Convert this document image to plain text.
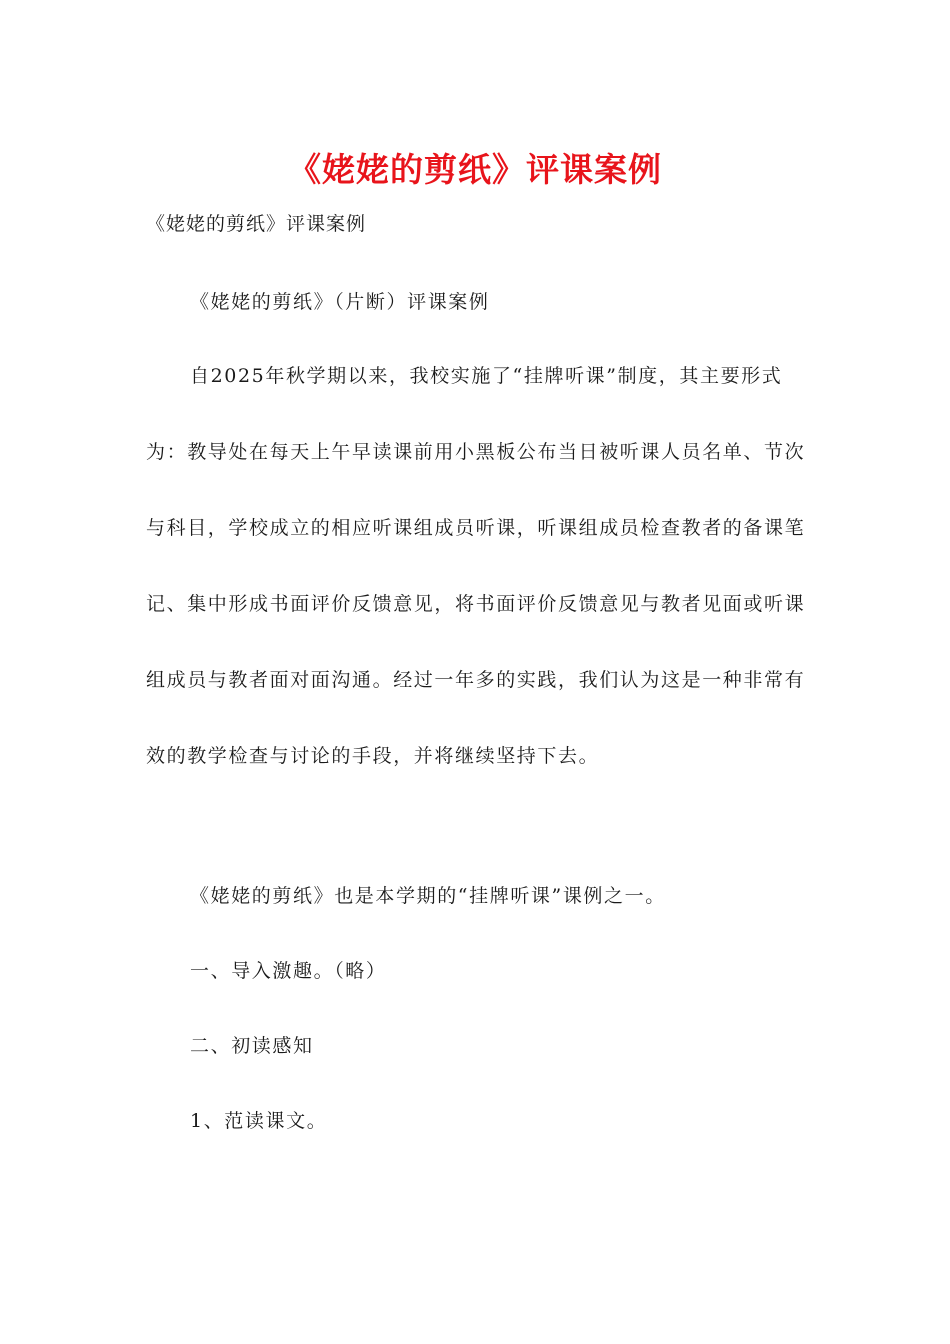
《姥姥的剪纸》评课案例
《姥姥的剪纸》评课案例

《姥姥的剪纸》（片断）评课案例

自2025年秋学期以来，我校实施了“挂牌听课”制度，其主要形式为：教导处在每天上午早读课前用小黑板公布当日被听课人员名单、节次与科目，学校成立的相应听课组成员听课，听课组成员检查教者的备课笔记、集中形成书面评价反馈意见，将书面评价反馈意见与教者见面或听课组成员与教者面对面沟通。经过一年多的实践，我们认为这是一种非常有效的教学检查与讨论的手段，并将继续坚持下去。

《姥姥的剪纸》也是本学期的“挂牌听课”课例之一。

一、导入激趣。（略）

二、初读感知

1、范读课文。
